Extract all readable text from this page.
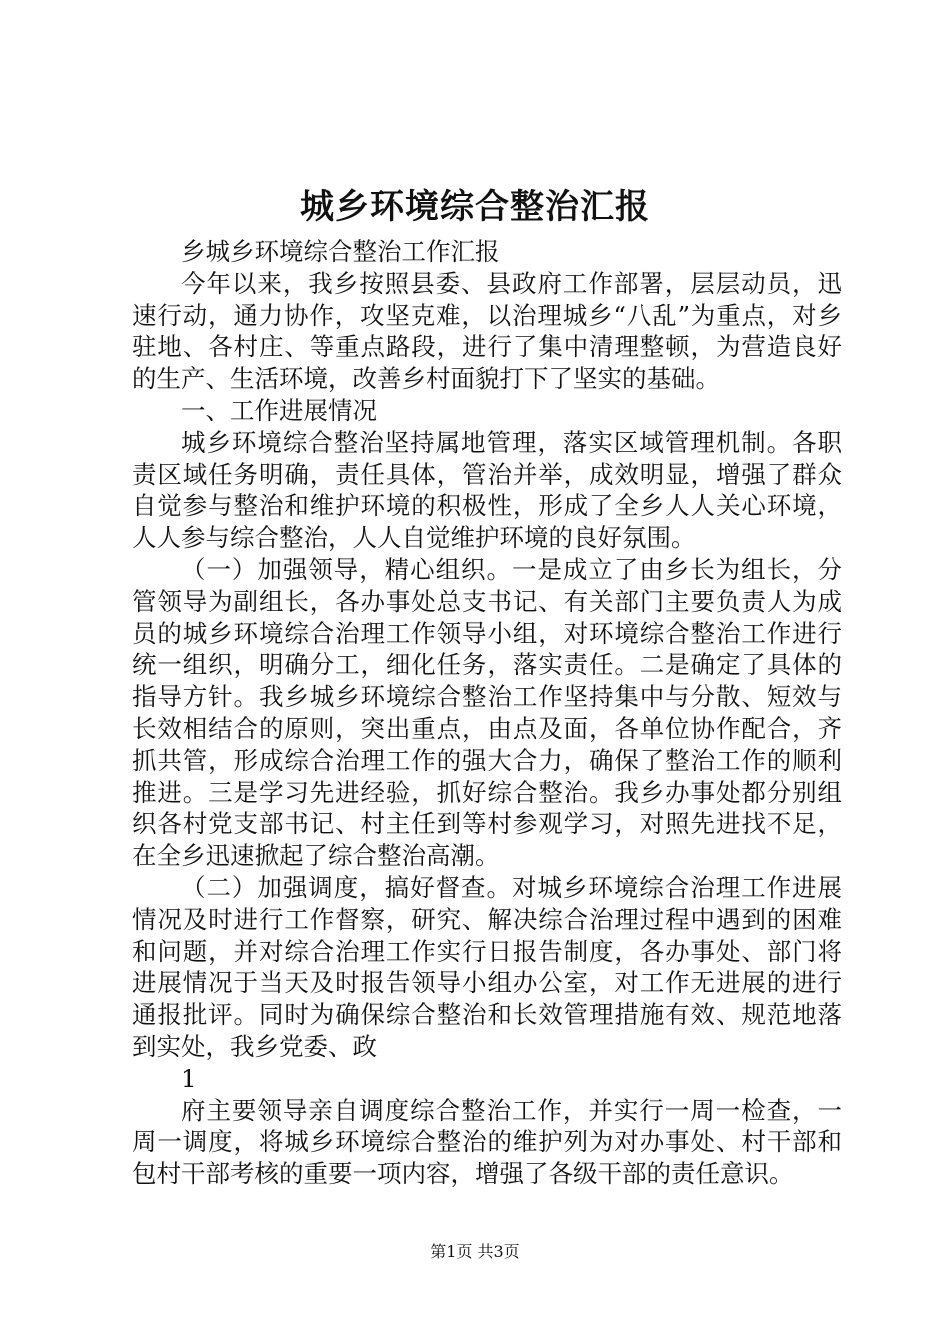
城乡环境综合整治汇报

乡城乡环境综合整治工作汇报

今年以来，我乡按照县委、县政府工作部署，层层动员，迅速行动，通力协作，攻坚克难，以治理城乡“八乱”为重点，对乡驻地、各村庄、等重点路段，进行了集中清理整顿，为营造良好的生产、生活环境，改善乡村面貌打下了坚实的基础。

一、工作进展情况

城乡环境综合整治坚持属地管理，落实区域管理机制。各职责区域任务明确，责任具体，管治并举，成效明显，增强了群众自觉参与整治和维护环境的积极性，形成了全乡人人关心环境，人人参与综合整治，人人自觉维护环境的良好氛围。

（一）加强领导，精心组织。一是成立了由乡长为组长，分管领导为副组长，各办事处总支书记、有关部门主要负责人为成员的城乡环境综合治理工作领导小组，对环境综合整治工作进行统一组织，明确分工，细化任务，落实责任。二是确定了具体的指导方针。我乡城乡环境综合整治工作坚持集中与分散、短效与长效相结合的原则，突出重点，由点及面，各单位协作配合，齐抓共管，形成综合治理工作的强大合力，确保了整治工作的顺利推进。三是学习先进经验，抓好综合整治。我乡办事处都分别组织各村党支部书记、村主任到等村参观学习，对照先进找不足，在全乡迅速掀起了综合整治高潮。

（二）加强调度，搞好督查。对城乡环境综合治理工作进展情况及时进行工作督察，研究、解决综合治理过程中遇到的困难和问题，并对综合治理工作实行日报告制度，各办事处、部门将进展情况于当天及时报告领导小组办公室，对工作无进展的进行通报批评。同时为确保综合整治和长效管理措施有效、规范地落到实处，我乡党委、政

1

府主要领导亲自调度综合整治工作，并实行一周一检查，一周一调度，将城乡环境综合整治的维护列为对办事处、村干部和包村干部考核的重要一项内容，增强了各级干部的责任意识。

第1页 共3页
